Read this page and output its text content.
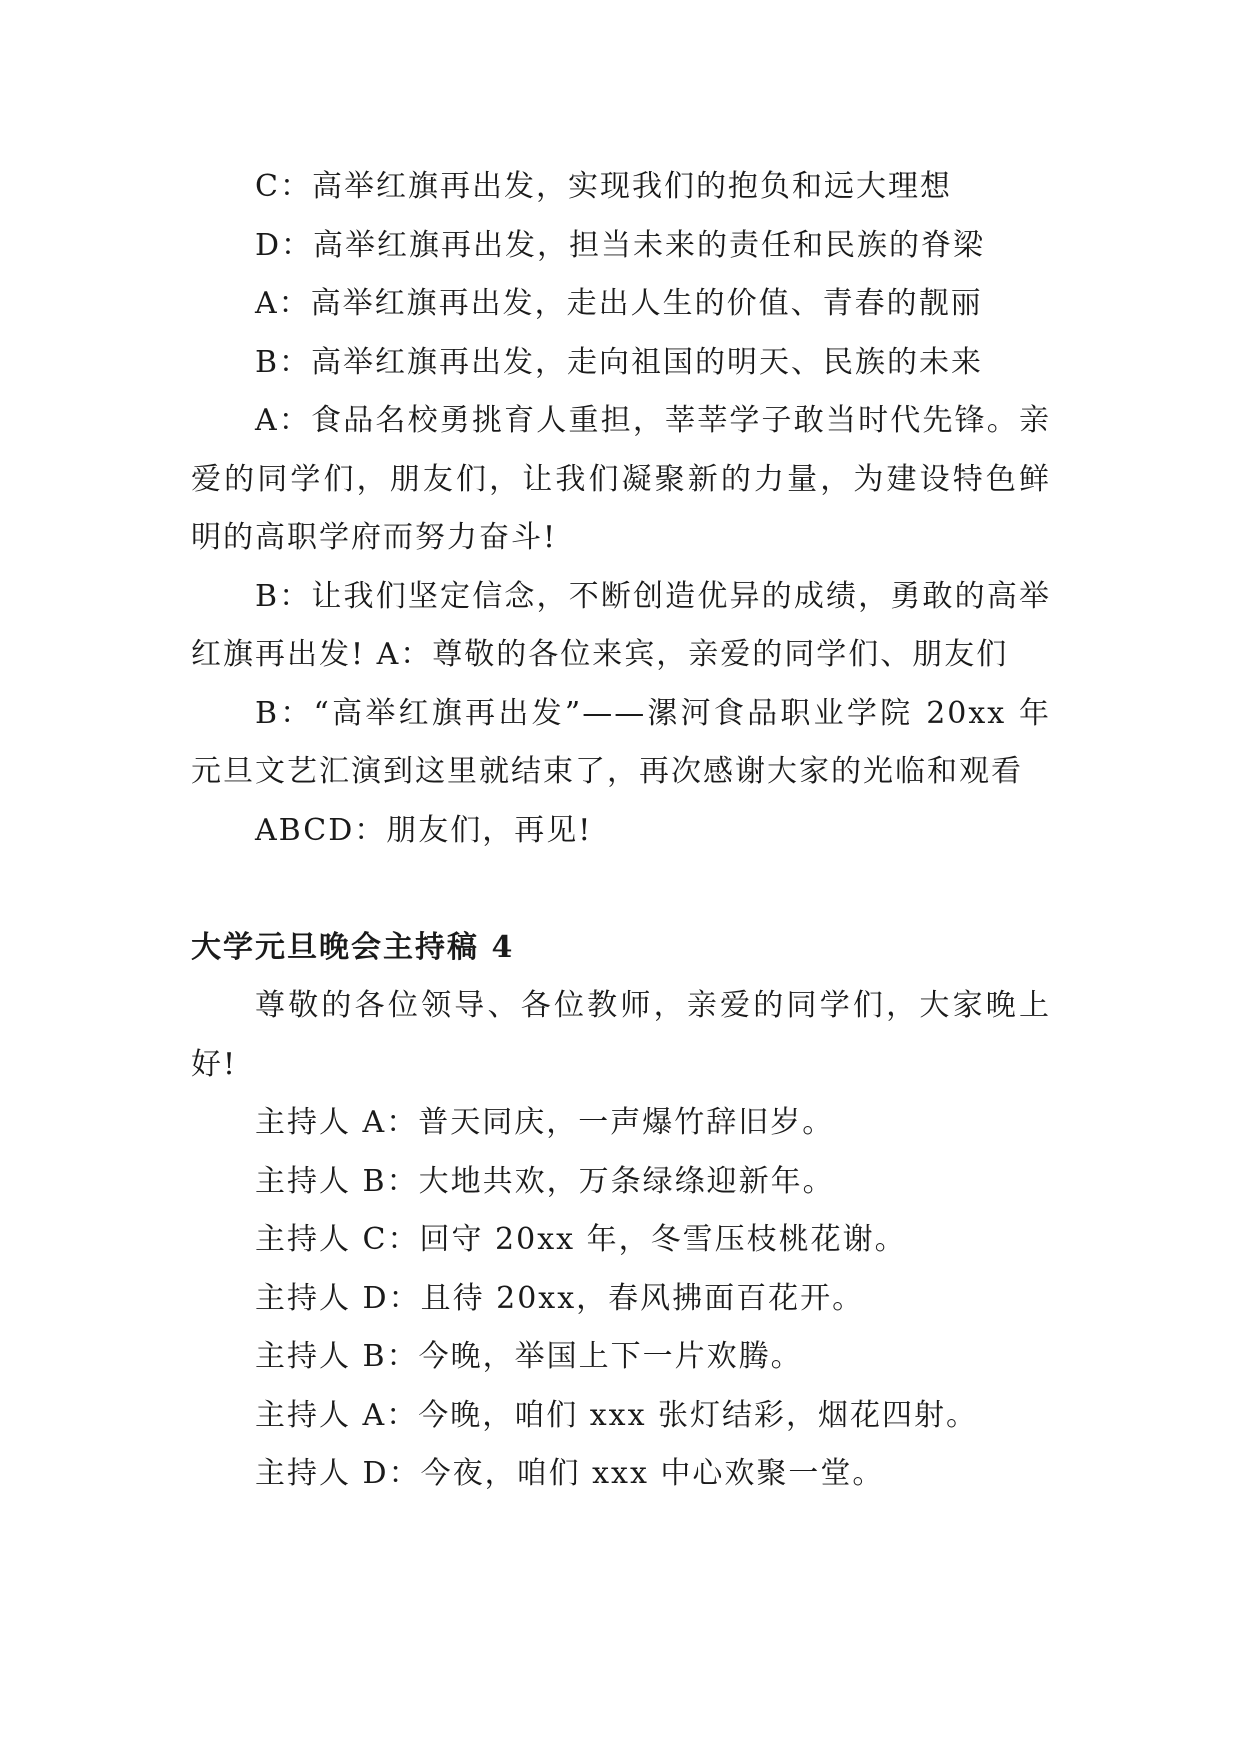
C：高举红旗再出发，实现我们的抱负和远大理想

D：高举红旗再出发，担当未来的责任和民族的脊梁

A：高举红旗再出发，走出人生的价值、青春的靓丽

B：高举红旗再出发，走向祖国的明天、民族的未来

A：食品名校勇挑育人重担，莘莘学子敢当时代先锋。亲爱的同学们，朋友们，让我们凝聚新的力量，为建设特色鲜明的高职学府而努力奋斗!

B：让我们坚定信念，不断创造优异的成绩，勇敢的高举红旗再出发! A：尊敬的各位来宾，亲爱的同学们、朋友们

B：“高举红旗再出发”——漯河食品职业学院 20xx 年元旦文艺汇演到这里就结束了，再次感谢大家的光临和观看

ABCD：朋友们，再见!

大学元旦晚会主持稿 4

尊敬的各位领导、各位教师，亲爱的同学们，大家晚上好!

主持人 A：普天同庆，一声爆竹辞旧岁。

主持人 B：大地共欢，万条绿绦迎新年。

主持人 C：回守 20xx 年，冬雪压枝桃花谢。

主持人 D：且待 20xx，春风拂面百花开。

主持人 B：今晚，举国上下一片欢腾。

主持人 A：今晚，咱们 xxx 张灯结彩，烟花四射。

主持人 D：今夜，咱们 xxx 中心欢聚一堂。
